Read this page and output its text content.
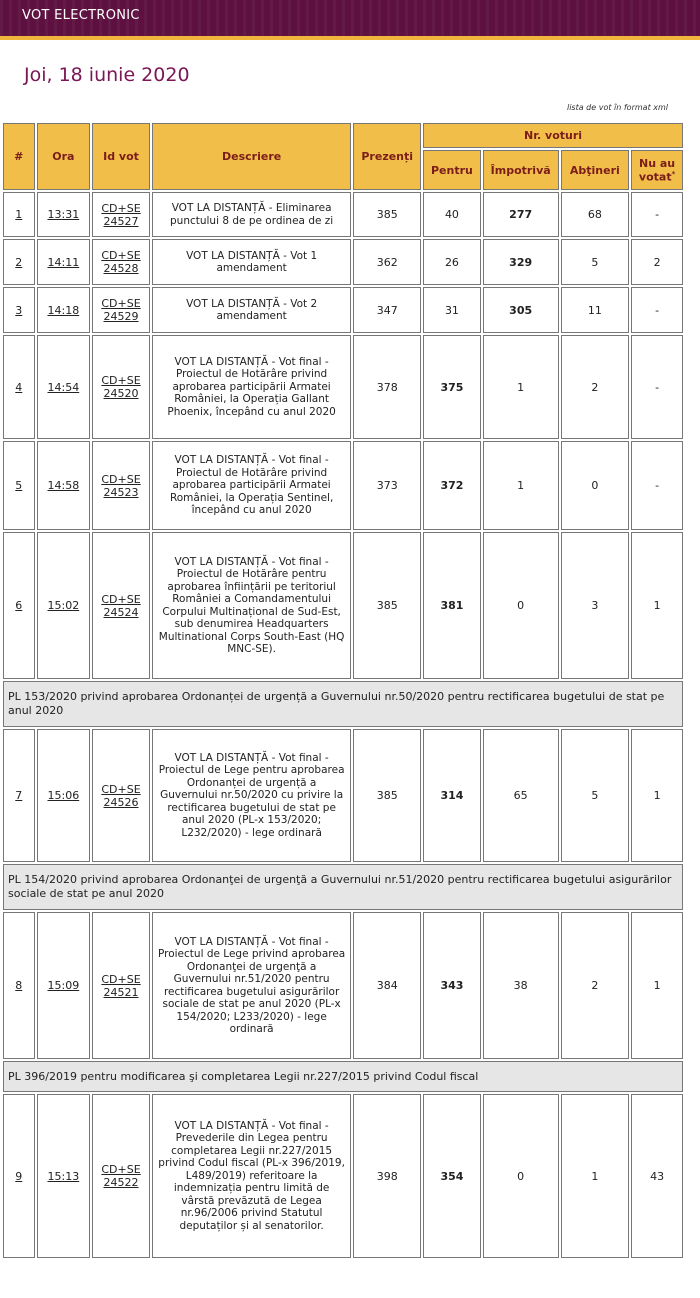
VOT ELECTRONIC
Joi, 18 iunie 2020
lista de vot în format xml
#	Ora	Id vot	Descriere	Prezenți	Nr. voturi			
					Pentru	Împotrivă	Abţineri	Nu au votat*
1	13:31	CD+SE 24527	VOT LA DISTANȚĂ - Eliminarea punctului 8 de pe ordinea de zi	385	40	277	68	-
2	14:11	CD+SE 24528	VOT LA DISTANȚĂ - Vot 1 amendament	362	26	329	5	2
3	14:18	CD+SE 24529	VOT LA DISTANȚĂ - Vot 2 amendament	347	31	305	11	-
4	14:54	CD+SE 24520	VOT LA DISTANȚĂ - Vot final - Proiectul de Hotărâre privind aprobarea participării Armatei României, la Operația Gallant Phoenix, începând cu anul 2020	378	375	1	2	-
5	14:58	CD+SE 24523	VOT LA DISTANȚĂ - Vot final - Proiectul de Hotărâre privind aprobarea participării Armatei României, la Operația Sentinel, începând cu anul 2020	373	372	1	0	-
6	15:02	CD+SE 24524	VOT LA DISTANȚĂ - Vot final - Proiectul de Hotărâre pentru aprobarea înființării pe teritoriul României a Comandamentului Corpului Multinațional de Sud-Est, sub denumirea Headquarters Multinational Corps South-East (HQ MNC-SE).	385	381	0	3	1
PL 153/2020 privind aprobarea Ordonanței de urgență a Guvernului nr.50/2020 pentru rectificarea bugetului de stat pe anul 2020								
7	15:06	CD+SE 24526	VOT LA DISTANȚĂ - Vot final - Proiectul de Lege pentru aprobarea Ordonanței de urgență a Guvernului nr.50/2020 cu privire la rectificarea bugetului de stat pe anul 2020 (PL-x 153/2020; L232/2020) - lege ordinară	385	314	65	5	1
PL 154/2020 privind aprobarea Ordonanţei de urgenţă a Guvernului nr.51/2020 pentru rectificarea bugetului asigurărilor sociale de stat pe anul 2020								
8	15:09	CD+SE 24521	VOT LA DISTANȚĂ - Vot final - Proiectul de Lege privind aprobarea Ordonanţei de urgenţă a Guvernului nr.51/2020 pentru rectificarea bugetului asigurărilor sociale de stat pe anul 2020 (PL-x 154/2020; L233/2020) - lege ordinară	384	343	38	2	1
PL 396/2019 pentru modificarea şi completarea Legii nr.227/2015 privind Codul fiscal								
9	15:13	CD+SE 24522	VOT LA DISTANȚĂ - Vot final - Prevederile din Legea pentru completarea Legii nr.227/2015 privind Codul fiscal (PL-x 396/2019, L489/2019) referitoare la indemnizația pentru limită de vârstă prevăzută de Legea nr.96/2006 privind Statutul deputaților și al senatorilor.	398	354	0	1	43
